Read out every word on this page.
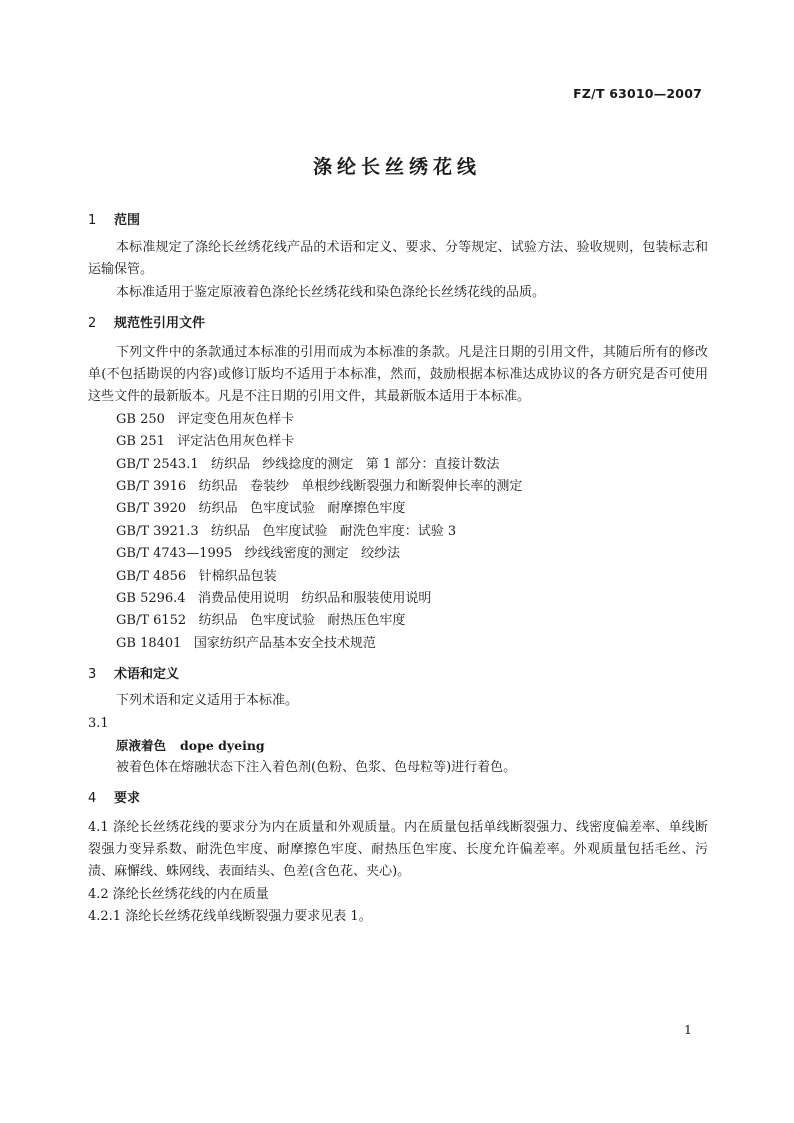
FZ/T 63010—2007
涤纶长丝绣花线
1 范围

本标准规定了涤纶长丝绣花线产品的术语和定义、要求、分等规定、试验方法、验收规则，包装标志和运输保管。

本标准适用于鉴定原液着色涤纶长丝绣花线和染色涤纶长丝绣花线的品质。

2 规范性引用文件

下列文件中的条款通过本标准的引用而成为本标准的条款。凡是注日期的引用文件，其随后所有的修改单(不包括勘误的内容)或修订版均不适用于本标准，然而，鼓励根据本标准达成协议的各方研究是否可使用这些文件的最新版本。凡是不注日期的引用文件，其最新版本适用于本标准。

GB 250   评定变色用灰色样卡

GB 251   评定沾色用灰色样卡

GB/T 2543.1   纺织品   纱线捻度的测定   第 1 部分：直接计数法

GB/T 3916   纺织品   卷装纱   单根纱线断裂强力和断裂伸长率的测定

GB/T 3920   纺织品   色牢度试验   耐摩擦色牢度

GB/T 3921.3   纺织品   色牢度试验   耐洗色牢度：试验 3

GB/T 4743—1995   纱线线密度的测定   绞纱法

GB/T 4856   针棉织品包装

GB 5296.4   消费品使用说明   纺织品和服装使用说明

GB/T 6152   纺织品   色牢度试验   耐热压色牢度

GB 18401   国家纺织产品基本安全技术规范

3 术语和定义

下列术语和定义适用于本标准。

3.1

原液着色 dope dyeing

被着色体在熔融状态下注入着色剂(色粉、色浆、色母粒等)进行着色。

4 要求

4.1 涤纶长丝绣花线的要求分为内在质量和外观质量。内在质量包括单线断裂强力、线密度偏差率、单线断裂强力变异系数、耐洗色牢度、耐摩擦色牢度、耐热压色牢度、长度允许偏差率。外观质量包括毛丝、污渍、麻懈线、蛛网线、表面结头、色差(含色花、夹心)。

4.2 涤纶长丝绣花线的内在质量

4.2.1 涤纶长丝绣花线单线断裂强力要求见表 1。

1
